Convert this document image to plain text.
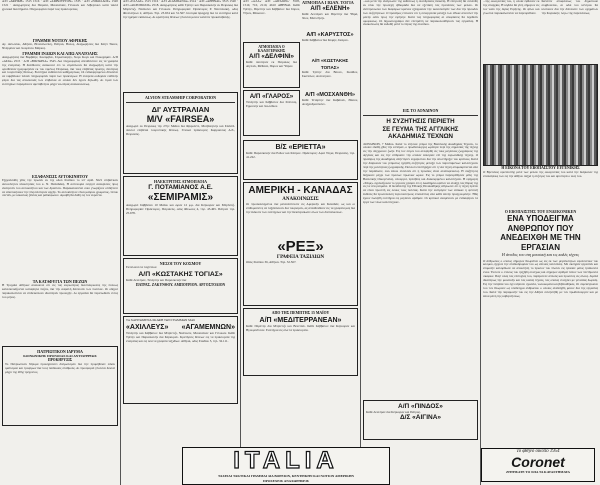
Α/Π «ΑΦΡΙΚΗ» 1515 1516 · Α/Π «ΑΜΒΟΥΡΓΟΝ» 1535 · Α/Π «ΝΙΚΟΛΑΟΣ» 1520 1521 · Αναχωρήσεις δια Πειραιά, Μασσαλίαν, Γένουαν και Λίβερπουλ κατά τακτά χρονικά διαστήματα. Πληροφορίαι παρά τοις πρακτορείοις.
ΓΡΑΜΜΗ ΝΟΤΙΟΥ ΑΦΡΙΚΗΣ
Αγ. Αντωνίου, Αθήναι, Θεσσαλονίκη, Πάτραι, Βόλος, Αναχωρήσεις δια Κέηπ Τάουν, Ντάρμπαν και Λουρένσο Μάρκες.
ΓΡΑΜΜΗ ΙΝΔΙΩΝ ΚΑΙ ΑΠΩ ΑΝΑΤΟΛΗΣ
Αναχωρήσεις δια Βομβάην, Κολόμβον, Σιγκαπούρην, Χογκ Κογκ και Γιοκοχάμαν. Α/Π «ΑΣΙΑ» 2515 · Α/Π «ΒΙΚΤΩΡΙΑ» 3545. Δια πληροφορίας απευθυντέον εις τα γραφεία της εταιρείας. Η διεύθυνσις ανακοινοί ότι το ατμόπλοιον θα αναχωρήση κατά την ορισθείσαν ημερομηνίαν εκ του λιμένος Πειραιώς, δια τους επιβάτας πρώτης, δευτέρας και τουριστικής θέσεως. Εισιτήρια εκδίδονται καθημερινώς. Οι ενδιαφερόμενοι δύνανται να λαμβάνουν πάσαν πληροφορίαν παρά των πρακτόρων. Η εταιρεία ουδεμίαν ευθύνην φέρει δια τας αποσκευάς των επιβατών αι οποίαι δεν έχουν δηλωθή. Αι τιμαί των εισιτηρίων παραμένουν αμετάβλητοι μέχρι νεωτέρας ανακοινώσεως.
ΕΞΑΦΑΝΙΣΙΣ ΑΥΤΟΚΙΝΗΤΟΥ
Εξηφανίσθη χθες την πρωίαν εκ της οδού Σταδίου το υπ' αριθ. 5621 επιβατικόν αυτοκίνητον ιδιοκτησίας του κ. Ν. Παπαδάκη. Η αστυνομία ενεργεί ανακρίσεις προς ανεύρεσιν του αυτοκινήτου και των δραστών. Παρακαλούνται όσοι γνωρίζουν οτιδήποτε να ειδοποιήσουν την πλησιέστεραν αρχήν. Το αυτοκίνητον είναι μαύρου χρώματος, τύπου σεντάν, με κόκκινας ζάντας και ραδιόφωνον. Αμοιβή θα δοθή εις τον ευρόντα.
ΤΑ ΚΑΤΑΦΥΓΙΑ ΤΩΝ ΠΕΖΩΝ
Η Τροχαία Αθηνών ανακοινοί ότι εις τας κυριωτέρας διασταυρώσεις της πόλεως κατασκευάζονται καταφύγια πεζών, δια την ασφαλή διέλευσιν των πολιτών. Οι οδηγοί παρακαλούνται να επιδεικνύουν ιδιαιτέραν προσοχήν. Αι εργασίαι θα περατωθούν εντός του μηνός.
ΠΑΤΡΙΩΤΙΚΟΝ ΙΔΡΥΜΑ
ΚΟΙΝΩΝΙΚΗΣ ΠΡΟΝΟΙΑΣ ΚΑΙ ΑΝΤΙΛΗΨΕΩΣ
ΠΡΟΚΗΡΥΞΙΣ
Το Πατριωτικόν Ίδρυμα προκηρύσσει διαγωνισμόν δια την προμήθειαν ειδών ιματισμού και τροφίμων δια τους παιδικούς σταθμούς. Αι προσφοραί γίνονται δεκταί μέχρι της 20ής τρέχοντος.
Α/Π «ΕΛΛΑΣ» 1515 1516 · Α/Π «ΚΑΜΠΑΝΙΑ» 2514 · Α/Π «ΑΘΗΝΑΙ» 3515 1520 · Α/Π «ΑΚΡΟΠΟΛΙΣ» 2518. Αναχωρήσεις κάθε Τρίτην και Παρασκευήν εκ Πειραιώς δια Μπρίντιζι, Νεάπολιν και Γένουαν. Πληροφορίαι: Πράκτορες Ρ. Ναυτιλιακή, οδός Φιλελλήνων 2, Αθήναι. Τηλ. 23.654 και 31.567. Ισοτιμία δραχμής δια τα εισιτήρια κατά την ημέραν εκδόσεως. Αι κρατήσεις θέσεων γίνονται μόνον κατόπιν προκαταβολής.
ALVION STEAMSHIP CORPORATION
ΔΙ' ΑΥΣΤΡΑΛΙΑΝ
M/V «FAIRSEA»
Αναχωρεί εκ Πειραιώς την 27ην Μαΐου δια Φρεμάντλ, Μελβούρνην και Σύδνεϋ. Δεκτοί επιβάται τουριστικής θέσεως. Γενικοί πράκτορες: Καρρασσας Α.Ε., Πειραιεύς.
ΗΛΕΚΤΡΙΤΗΣ ΑΤΜΟΠΛΟΙΑ
Γ. ΠΟΤΑΜΙΑΝΟΣ Α.Ε.
«ΣΕΜΙΡΑΜΙΣ»
Αναχωρεί Σάββατον 10 Μαΐου και ώραν 12 μ.μ. δια Κέρκυραν και Μπρίντιζι. Πληροφορίαι: Πράκτορες, Πειραιεύς, οδός Φίλωνος 4, τηλ. 45.465. Πάτραι: τηλ. 25.678.
ΝΕΣΟΙ ΤΟΥ ΚΟΣΜΟΥ
Εκτελούσι τα ταχύπλοα
Α/Π «ΚΩΣΤΑΚΗΣ ΤΟΓΙΑΣ»
Κάθε Δευτέραν, Τετάρτην και Παρασκευήν δια
ΠΑΤΡΑΣ. ΖΑΚΥΝΘΟΥ. ΑΜΠΟΥΡΙΟΝ. ΑΡΓΟΣΤΟΛΙΟΝ
ΤΑ ΧΑΡΙΤΩΜΕΝΑ ΣΚΑΦΗ ΤΩΝ ΓΡΑΜΜΩΝ ΜΑΣ
«ΑΧΙΛΛΕΥΣ» «ΑΓΑΜΕΜΝΩΝ»
Τετάρτην και Σάββατον δια Μπρίντιζι, Νεάπολιν, Μασσαλίαν και Γένουαν. Κάθε Τρίτην και Παρασκευήν δια Κέρκυραν. Κρατήσεις θέσεων εις τα πρακτορεία της εταιρείας και εις όλα τα γραφεία ταξιδίων. Αθήναι, οδός Σταδίου 5, τηλ. 32.111.
Α/Π «ΑΛΑ»· Α/Π «ΑΙΓΑΙΟΝ»· 5505, 1510, 710, 2110, 4610 ΑΘΗΝΑΙ. Κάθε Τρίτην, Πέμπτην και Σάββατον δια Σύρον, Τήνον, Μύκονον.
ΑΤΜΟΠΛΟΙΑ Ο ΚΑΛΟΓΕΡΑΚΗΣ
Α/Π «ΔΕΛΦΙΝΙ»
Κάθε Δευτέραν εκ Πειραιώς δια Αίγιναν, Μέθανα, Πόρον και Ύδραν.
Α/Π «ΓΛΑΡΟΣ»
Τετάρτην και Σάββατον δια Σπέτσας, Ερμιόνην και Λεωνίδιον.
ΑΤΜΟΠΛΑ Ι ΙΩΑΝ. ΤΟΓΙΑ
Α/Π «ΕΛΕΝΗ»
Κάθε Δευτέραν και Πέμπτην δια Ψαρά, Χίον, Μυτιλήνην.
Α/Π «ΚΑΡΥΣΤΟΣ»
Κάθε Σάββατον δια Κύμην, Σκύρον.
Α/Π «ΚΩΣΤΑΚΗΣ ΤΟΠΑΣ»
Κάθε Τρίτην δια Βόλον, Σκιάθον, Σκόπελον, Αλόννησον.
Α/Π «ΜΟΣΧΑΝΘΗ»
Κάθε Τετάρτην δια Καβάλαν, Θάσον, Αλεξανδρούπολιν.
Β/Σ «ΕΡΙΕΤΤΑ»
Κάθε Παρασκευήν δια Ρόδον και Κύπρον. Πράκτορες: Αφοί Τόγια, Πειραιεύς, τηλ. 41.222.
ΑΜΕΡΙΚΗ - ΚΑΝΑΔΑΣ
ΑΝΑΚΟΙΝΩΣΙΣ
Οι προσκεκλημένοι δια μετανάστευσιν εις Αμερικήν και Καναδάν, ως και οι επιθυμούντες να ταξιδεύσουν δια τουρισμόν, ας απευθυνθούν εις τα γραφεία μας δια την έκδοσιν των εισιτηρίων και την διεκπεραίωσιν όλων των διατυπώσεων.
«ΡΕΞ»
ΓΡΑΦΕΙΑ ΤΑΞΙΔΙΩΝ
Οδός Σταδίου 36, Αθήναι. Τηλ. 32.567.
ΑΠΟ ΤΗΣ ΠΕΜΠΤΗΣ 15 ΜΑΪΟΥ
Α/Π «ΜΕΔΙΤΕΡΡΑΝΕΑΝ»
Κάθε Πέμπτην δια Μπρίντιζι και Βενετίαν. Κάθε Σάββατον δια Κέρκυραν και Ηγουμενίτσαν. Εισιτήρια εις όλα τα πρακτορεία.
...και μετά την ανάγνωσιν της εκθέσεως η συνεδρίασις διεκόπη. Η επιτροπή θα συνέλθη εκ νέου την προσεχή εβδομάδα δια να εξετάση τας προτάσεις των μελών. Οι αντιπρόσωποι των διαφόρων κρατών εξέφρασαν την ικανοποίησίν των δια την πρόοδον των συζητήσεων. Ο πρόεδρος ετόνισεν ότι η συνεργασία μεταξύ των εθνών αποτελεί την μόνην οδόν προς την ειρήνην. Κατά τας πληροφορίας αι αποφάσεις θα ληφθούν ομοφώνως. Οι δημοσιογράφοι δεν επετράπη να παρακολουθήσουν τας εργασίας. Η ανακοίνωσις θα εκδοθή μετά το πέρας της συνόδου.
ΕΙΣ ΤΟ ΛΟΝΔΙΝΟΝ
Η ΣΥΖΗΤΗΣΙΣ ΠΕΡΙΕΤΗ
ΣΕ ΓΕΥΜΑ ΤΗΣ ΑΓΓΛΙΚΗΣ
ΑΚΑΔΗΜΙΑΣ ΤΕΧΝΩΝ
ΛΟΝΔΙΝΟΝ, 7 Μαΐου. Κατά το ετήσιον γεύμα της Βασιλικής Ακαδημίας Τεχνών, το οποίον εδόθη χθες την εσπέραν, ο πρωθυπουργός ωμίλησε περί της σημασίας της τέχνης εις την σύγχρονον ζωήν. Εις τον λόγον του ανεφέρθη εις τους μεγάλους ζωγράφους της Αγγλίας και εις την επίδρασιν την οποίαν άσκησαν επί της ευρωπαϊκής τέχνης. Ο πρόεδρος της Ακαδημίας απήντησεν ευχαριστών δια την υποστήριξιν του κράτους. Κατά την διάρκειαν του γεύματος ηγέρθη συζήτησις μεταξύ των παρισταμένων καλλιτεχνών περί της μοντέρνας ζωγραφικής. Πολλοί υπεστήριξαν ότι η νέα τέχνη απομακρύνεται από την παράδοσιν, ενώ άλλοι ετόνισαν ότι η πρόοδος είναι αναπόφευκτος. Η συζήτησις διήρκεσε μέχρι των πρώτων πρωινών ωρών. Εις το γεύμα παρευρέθησαν μέλη της Βασιλικής Οικογενείας, υπουργοί, πρέσβεις και διακεκριμένοι καλλιτέχναι. Η εφημερίς «Τάιμς» σχολιάζουσα το γεγονός γράφει ότι η Ακαδημία οφείλει να ανοίξη τας θύρας της εις τα νέα ρεύματα. Ο διευθυντής της Εθνικής Πινακοθήκης εδήλωσεν ότι η τέχνη πρέπει να είναι προσιτή εις όλους τους πολίτας. Κατά την εκτίμησιν των ειδικών η φετεινή έκθεσις θα προσελκύση περισσοτέρους επισκέπτας από κάθε άλλην προηγουμένην. Ήδη έχουν πωληθή εισιτήρια εις μεγάλον αριθμόν. Οι κριτικοί αναμένουν με ενδιαφέρον τα έργα των νέων καλλιτεχνών.
Α/Π «ΠΙΝΔΟΣ»
Κάθε Δευτέραν δια Κέρκυραν και Πάτρας.
Δ/Σ «ΑΙΓΙΝΑ»
...της οικογενείας του, η οποία έφθασεν εκ της επαρχίας. Η κηδεία θα γίνη σήμερον εις τον ναόν της Αγίας Ειρήνης. Οι φίλοι και γνωστοί παρακαλούνται να παρευρεθούν.
Κατόπιν αποφάσεως του δημοτικού συμβουλίου, αι οδοί του κέντρου θα κλείσουν δια την διέλευσιν των οχημάτων την Κυριακήν, λόγω της παρελάσεως.
Η ΕΙΚΟΝΑ ΤΟΥ ΕΒΟΠΑΙΣΤΟΥ ΕΥΓΕΝΙΚΗΣ
Ο Βρετανός εφοπλιστής μετά των μελών της οικογενείας του κατά την διάρκειαν της επισκέψεώς των εις την Αθήνα. Δεξιά η σύζυγός του και αριστερά ο υιός του.
Ο ΕΒΟΠΑΙΣΤΗΣ ΤΟΥ ΕΝΔΕΚΟΝΙΚΕΝ
ΕΝΑ ΥΠΟΔΕΙΓΜΑ ΑΝΘΡΩΠΟΥ ΠΟΥ ΑΝΕΔΕΙΧΘΗ ΜΕ ΤΗΝ ΕΡΓΑΣΙΑΝ
Η άνοδος του στη μουσική και τις καλές τέχνες
Ο άνθρωπος ο οποίος σήμερον θεωρείται ως εις εκ των μεγαλυτέρων εφοπλιστών του κόσμου, ήρχισε την σταδιοδρομίαν του ως απλούς ναυτόπαις. Με σκληράν εργασίαν και επιμονήν κατώρθωσε να αποκτήση το πρώτον του πλοίον εις ηλικίαν μόλις τριάκοντα ετών. Έκτοτε ο στόλος του ηυξήθη συνεχώς και σήμερον αριθμεί πλέον των πεντήκοντα σκαφών. Παρ' όλας τας επιτυχίας του, παρέμεινεν απλούς και προσιτός εις όλους. Αγαπά ιδιαιτέρως την μουσικήν και τας καλάς τέχνας, τας οποίας ενισχύει με γενναίας δωρεάς. Εις την πατρίδα του έχει ιδρύσει σχολεία, νοσοκομεία και βιβλιοθήκας. Οι συμπατριώται του τον θεωρούν ως υπόδειγμα ανθρώπου ο οποίος ανεδείχθη μόνον δια της εργασίας του. Κατά την παραμονήν του εις την Αθήνα συνηντήθη με τον πρωθυπουργόν και με άλλα μέλη της κυβερνήσεως.
ITALIA
ΤΑΧΕΙΑΙ ΤΑΚΤΙΚΑΙ ΓΡΑΜΜΑΙ ΔΙΑ ΒΟΡΕΙΟΝ, ΚΕΝΤΡΙΚΗΝ ΚΑΙ ΝΟΤΙΟΝ ΑΜΕΡΙΚΗΝ
ΠΡΟΣΕΧΕΙΣ ΑΝΑΧΩΡΗΣΕΙΣ
Το φθηνό οικόπο 1954
Coronet
ΖΗΤΗΣΑΤΕ ΤΟ ΣΠΑ ΤΑ ΚΑΤΑΣΤΗΜΑΤΑ
